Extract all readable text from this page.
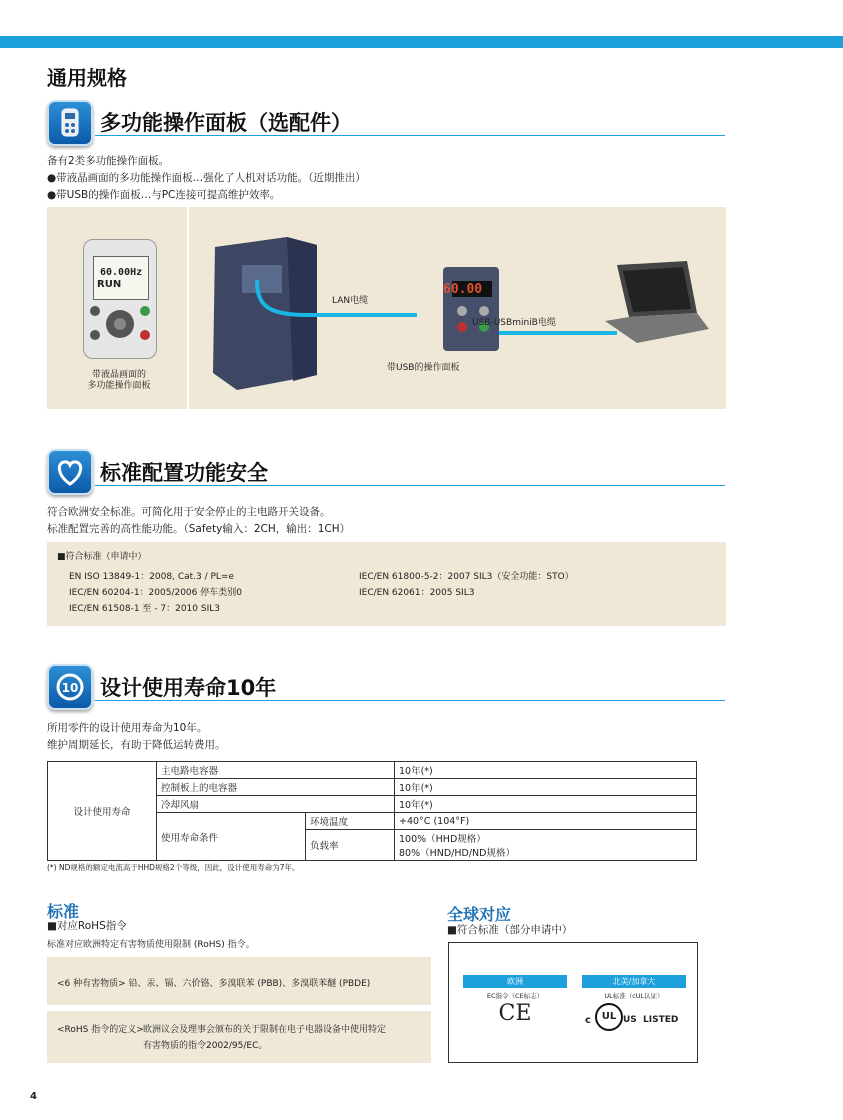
通用规格
多功能操作面板（选配件）
备有2类多功能操作面板。
●带液晶画面的多功能操作面板…强化了人机对话功能。（近期推出）
●带USB的操作面板…与PC连接可提高维护效率。
60.00Hz
RUN
带液晶画面的
多功能操作面板
60.00
LAN电缆
USB-USBminiB电缆
带USB的操作面板
标准配置功能安全
符合欧洲安全标准。可简化用于安全停止的主电路开关设备。
标准配置完善的高性能功能。（Safety输入：2CH，输出：1CH）
■符合标准（申请中）
EN ISO 13849-1：2008, Cat.3 / PL=e
IEC/EN 60204-1：2005/2006 停车类别0
IEC/EN 61508-1 至 - 7：2010 SIL3
IEC/EN 61800-5-2：2007 SIL3（安全功能：STO）
IEC/EN 62061：2005 SIL3
10 设计使用寿命10年
所用零件的设计使用寿命为10年。
维护周期延长，有助于降低运转费用。
设计使用寿命	主电路电容器		10年(*)
	控制板上的电容器		10年(*)
	冷却风扇		10年(*)
	使用寿命条件	环境温度	+40°C (104°F)
		负载率	100%（HHD规格）
80%（HND/HD/ND规格）
(*) ND规格的额定电流高于HHD规格2个等级，因此，设计使用寿命为7年。
标准
■对应RoHS指令
标准对应欧洲特定有害物质使用限制 (RoHS) 指令。
<6 种有害物质> 铅、汞、镉、六价铬、多溴联苯 (PBB)、多溴联苯醚 (PBDE)
<RoHS 指令的定义> 欧洲议会及理事会颁布的关于限制在电子电器设备中使用特定
有害物质的指令2002/95/EC。
全球对应
■符合标准（部分申请中）
欧洲
EC指令（CE标志）
CE
北美/加拿大
UL标准（cUL认证）
c	UL US LISTED
4
